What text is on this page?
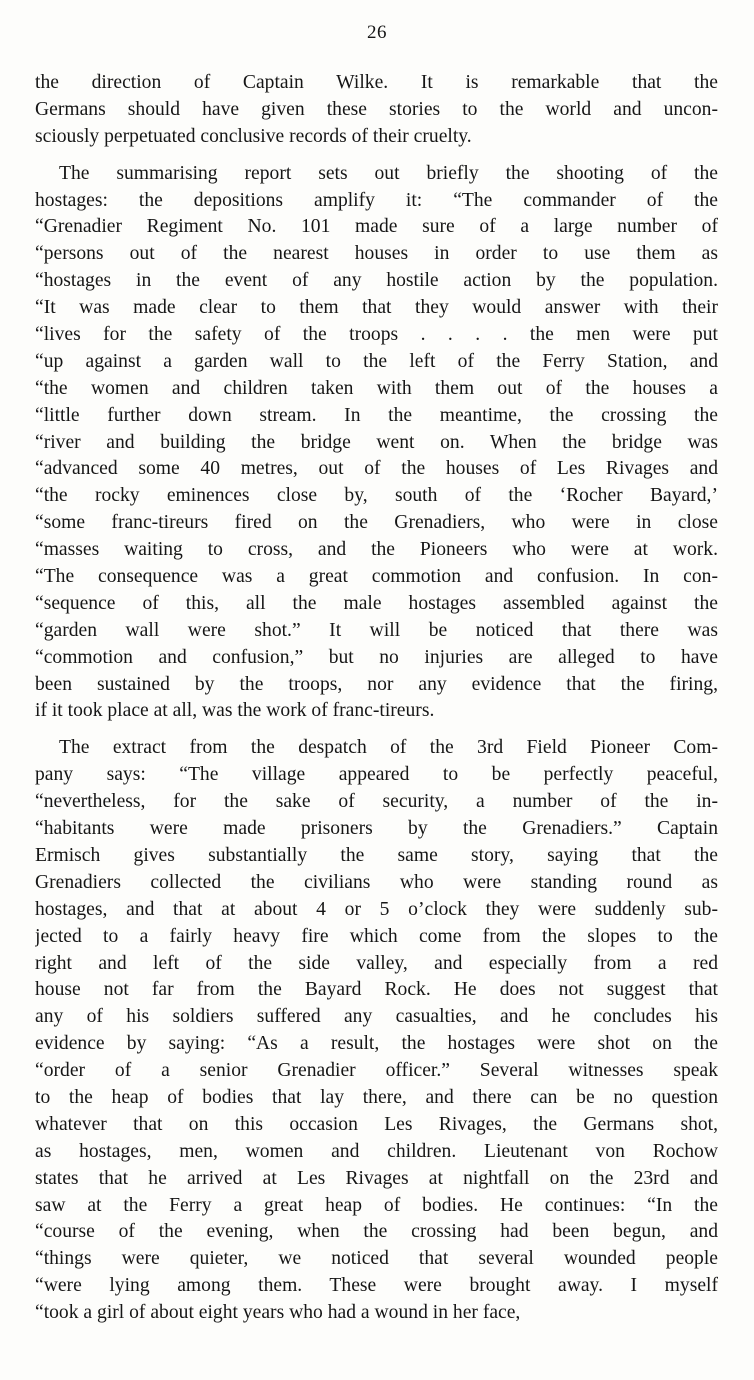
26
the direction of Captain Wilke. It is remarkable that the
Germans should have given these stories to the world and uncon-
sciously perpetuated conclusive records of their cruelty.
The summarising report sets out briefly the shooting of the
hostages: the depositions amplify it: “The commander of the
“Grenadier Regiment No. 101 made sure of a large number of
“persons out of the nearest houses in order to use them as
“hostages in the event of any hostile action by the population.
“It was made clear to them that they would answer with their
“lives for the safety of the troops . . . . the men were put
“up against a garden wall to the left of the Ferry Station, and
“the women and children taken with them out of the houses a
“little further down stream. In the meantime, the crossing the
“river and building the bridge went on. When the bridge was
“advanced some 40 metres, out of the houses of Les Rivages and
“the rocky eminences close by, south of the ‘Rocher Bayard,’
“some franc-tireurs fired on the Grenadiers, who were in close
“masses waiting to cross, and the Pioneers who were at work.
“The consequence was a great commotion and confusion. In con-
“sequence of this, all the male hostages assembled against the
“garden wall were shot.” It will be noticed that there was
“commotion and confusion,” but no injuries are alleged to have
been sustained by the troops, nor any evidence that the firing,
if it took place at all, was the work of franc-tireurs.
The extract from the despatch of the 3rd Field Pioneer Com-
pany says: “The village appeared to be perfectly peaceful,
“nevertheless, for the sake of security, a number of the in-
“habitants were made prisoners by the Grenadiers.” Captain
Ermisch gives substantially the same story, saying that the
Grenadiers collected the civilians who were standing round as
hostages, and that at about 4 or 5 o’clock they were suddenly sub-
jected to a fairly heavy fire which come from the slopes to the
right and left of the side valley, and especially from a red
house not far from the Bayard Rock. He does not suggest that
any of his soldiers suffered any casualties, and he concludes his
evidence by saying: “As a result, the hostages were shot on the
“order of a senior Grenadier officer.” Several witnesses speak
to the heap of bodies that lay there, and there can be no question
whatever that on this occasion Les Rivages, the Germans shot,
as hostages, men, women and children. Lieutenant von Rochow
states that he arrived at Les Rivages at nightfall on the 23rd and
saw at the Ferry a great heap of bodies. He continues: “In the
“course of the evening, when the crossing had been begun, and
“things were quieter, we noticed that several wounded people
“were lying among them. These were brought away. I myself
“took a girl of about eight years who had a wound in her face,
